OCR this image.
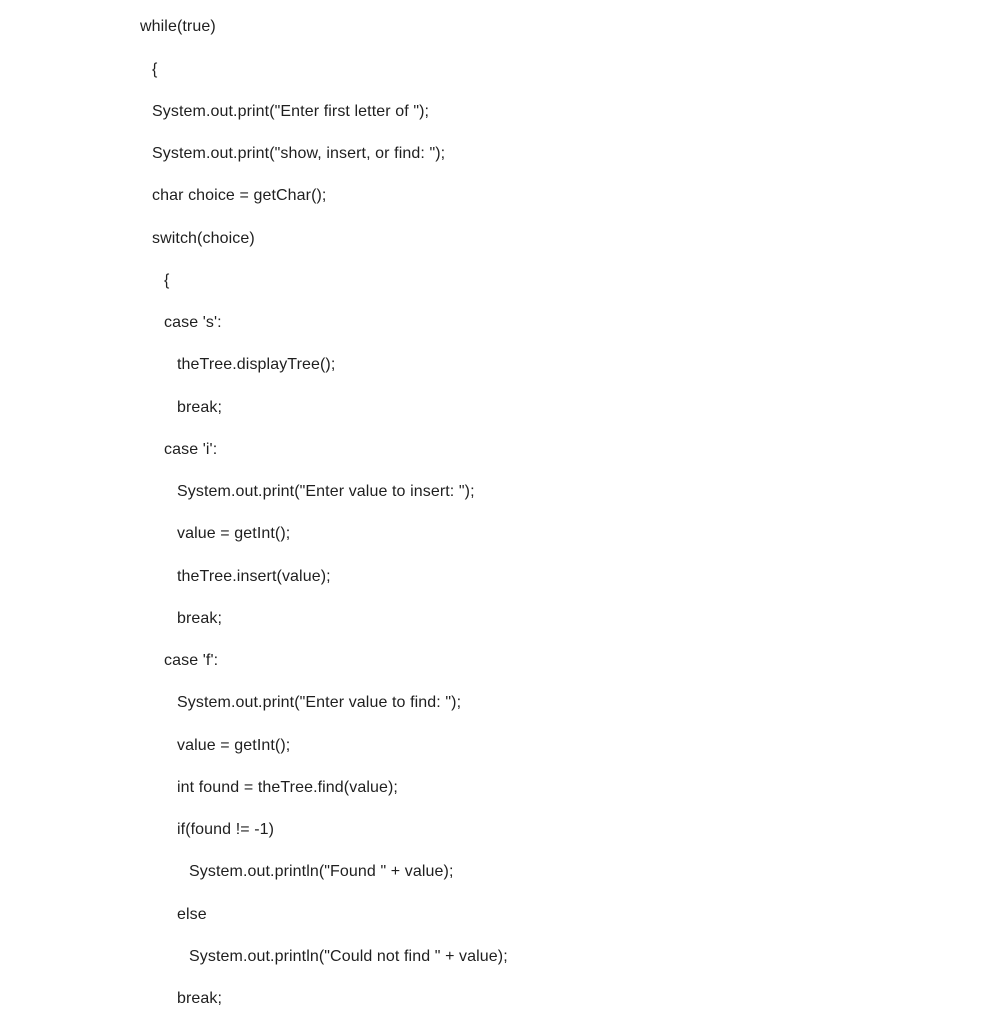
while(true)
{
System.out.print("Enter first letter of ");
System.out.print("show, insert, or find: ");
char choice = getChar();
switch(choice)
{
case 's':
theTree.displayTree();
break;
case 'i':
System.out.print("Enter value to insert: ");
value = getInt();
theTree.insert(value);
break;
case 'f':
System.out.print("Enter value to find: ");
value = getInt();
int found = theTree.find(value);
if(found != -1)
System.out.println("Found " + value);
else
System.out.println("Could not find " + value);
break;
